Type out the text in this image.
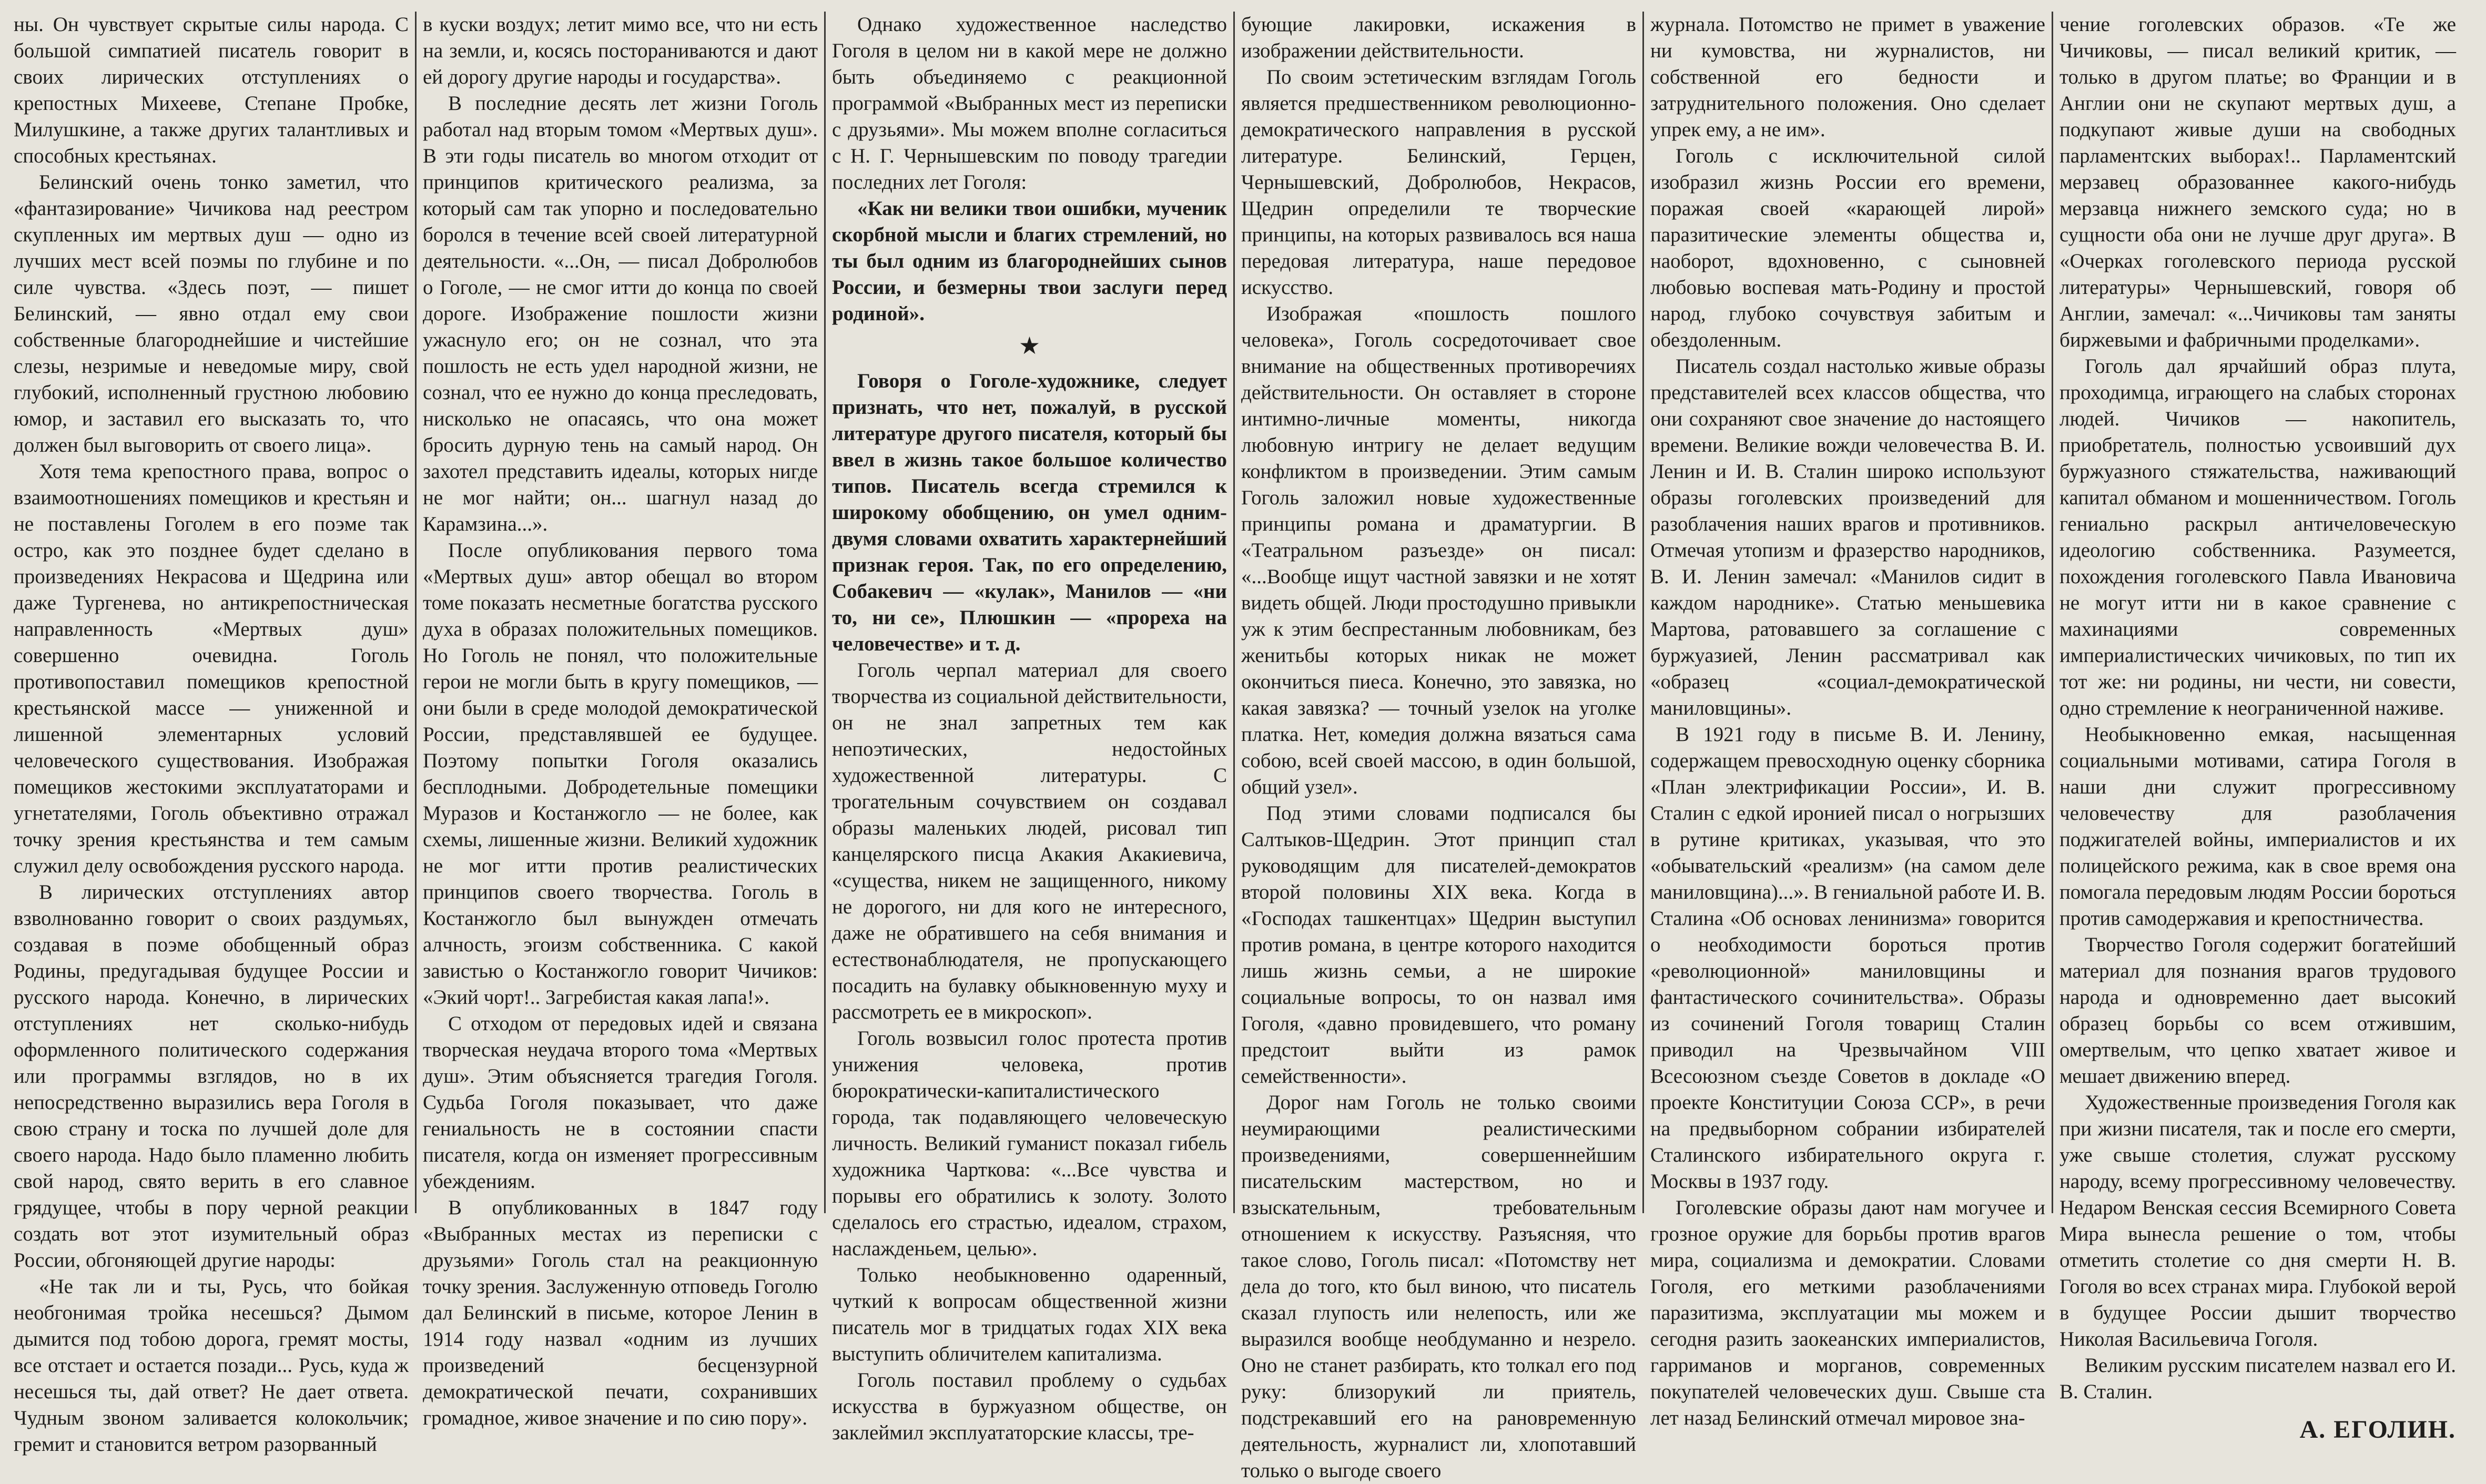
ны. Он чувствует скрытые силы народа. С большой симпатией писатель говорит в своих лирических отступлениях о крепостных Михееве, Степане Пробке, Милушкине, а также других талантливых и способных крестьянах.

Белинский очень тонко заметил, что «фантазирование» Чичикова над реестром скупленных им мертвых душ — одно из лучших мест всей поэмы по глубине и по силе чувства. «Здесь поэт, — пишет Белинский, — явно отдал ему свои собственные благороднейшие и чистейшие слезы, незримые и неведомые миру, свой глубокий, исполненный грустною любовию юмор, и заставил его высказать то, что должен был выговорить от своего лица».

Хотя тема крепостного права, вопрос о взаимоотношениях помещиков и крестьян и не поставлены Гоголем в его поэме так остро, как это позднее будет сделано в произведениях Некрасова и Щедрина или даже Тургенева, но антикрепостническая направленность «Мертвых душ» совершенно очевидна. Гоголь противопоставил помещиков крепостной крестьянской массе — униженной и лишенной элементарных условий человеческого существования. Изображая помещиков жестокими эксплуататорами и угнетателями, Гоголь объективно отражал точку зрения крестьянства и тем самым служил делу освобождения русского народа.

В лирических отступлениях автор взволнованно говорит о своих раздумьях, создавая в поэме обобщенный образ Родины, предугадывая будущее России и русского народа. Конечно, в лирических отступлениях нет сколько-нибудь оформленного политического содержания или программы взглядов, но в их непосредственно выразились вера Гоголя в свою страну и тоска по лучшей доле для своего народа. Надо было пламенно любить свой народ, свято верить в его славное грядущее, чтобы в пору черной реакции создать вот этот изумительный образ России, обгоняющей другие народы:

«Не так ли и ты, Русь, что бойкая необгонимая тройка несешься? Дымом дымится под тобою дорога, гремят мосты, все отстает и остается позади... Русь, куда ж несешься ты, дай ответ? Не дает ответа. Чудным звоном заливается колокольчик; гремит и становится ветром разорванный

в куски воздух; летит мимо все, что ни есть на земли, и, косясь постораниваются и дают ей дорогу другие народы и государства».

В последние десять лет жизни Гоголь работал над вторым томом «Мертвых душ». В эти годы писатель во многом отходит от принципов критического реализма, за который сам так упорно и последовательно боролся в течение всей своей литературной деятельности. «...Он, — писал Добролюбов о Гоголе, — не смог итти до конца по своей дороге. Изображение пошлости жизни ужаснуло его; он не сознал, что эта пошлость не есть удел народной жизни, не сознал, что ее нужно до конца преследовать, нисколько не опасаясь, что она может бросить дурную тень на самый народ. Он захотел представить идеалы, которых нигде не мог найти; он... шагнул назад до Карамзина...».

После опубликования первого тома «Мертвых душ» автор обещал во втором томе показать несметные богатства русского духа в образах положительных помещиков. Но Гоголь не понял, что положительные герои не могли быть в кругу помещиков, — они были в среде молодой демократической России, представлявшей ее будущее. Поэтому попытки Гоголя оказались бесплодными. Добродетельные помещики Муразов и Костанжогло — не более, как схемы, лишенные жизни. Великий художник не мог итти против реалистических принципов своего творчества. Гоголь в Костанжогло был вынужден отмечать алчность, эгоизм собственника. С какой завистью о Костанжогло говорит Чичиков: «Экий чорт!.. Загребистая какая лапа!».

С отходом от передовых идей и связана творческая неудача второго тома «Мертвых душ». Этим объясняется трагедия Гоголя. Судьба Гоголя показывает, что даже гениальность не в состоянии спасти писателя, когда он изменяет прогрессивным убеждениям.

В опубликованных в 1847 году «Выбранных местах из переписки с друзьями» Гоголь стал на реакционную точку зрения. Заслуженную отповедь Гоголю дал Белинский в письме, которое Ленин в 1914 году назвал «одним из лучших произведений бесцензурной демократической печати, сохранивших громадное, живое значение и по сию пору».

Однако художественное наследство Гоголя в целом ни в какой мере не должно быть объединяемо с реакционной программой «Выбранных мест из переписки с друзьями». Мы можем вполне согласиться с Н. Г. Чернышевским по поводу трагедии последних лет Гоголя:

«Как ни велики твои ошибки, мученик скорбной мысли и благих стремлений, но ты был одним из благороднейших сынов России, и безмерны твои заслуги перед родиной».

★

Говоря о Гоголе-художнике, следует признать, что нет, пожалуй, в русской литературе другого писателя, который бы ввел в жизнь такое большое количество типов. Писатель всегда стремился к широкому обобщению, он умел одним-двумя словами охватить характернейший признак героя. Так, по его определению, Собакевич — «кулак», Манилов — «ни то, ни се», Плюшкин — «прореха на человечестве» и т. д.

Гоголь черпал материал для своего творчества из социальной действительности, он не знал запретных тем как непоэтических, недостойных художественной литературы. С трогательным сочувствием он создавал образы маленьких людей, рисовал тип канцелярского писца Акакия Акакиевича, «существа, никем не защищенного, никому не дорогого, ни для кого не интересного, даже не обратившего на себя внимания и естествонаблюдателя, не пропускающего посадить на булавку обыкновенную муху и рассмотреть ее в микроскоп».

Гоголь возвысил голос протеста против унижения человека, против бюрократически-капиталистического города, так подавляющего человеческую личность. Великий гуманист показал гибель художника Чарткова: «...Все чувства и порывы его обратились к золоту. Золото сделалось его страстью, идеалом, страхом, наслажденьем, целью».

Только необыкновенно одаренный, чуткий к вопросам общественной жизни писатель мог в тридцатых годах XIX века выступить обличителем капитализма.

Гоголь поставил проблему о судьбах искусства в буржуазном обществе, он заклеймил эксплуататорские классы, тре-

бующие лакировки, искажения в изображении действительности.

По своим эстетическим взглядам Гоголь является предшественником революционно-демократического направления в русской литературе. Белинский, Герцен, Чернышевский, Добролюбов, Некрасов, Щедрин определили те творческие принципы, на которых развивалось вся наша передовая литература, наше передовое искусство.

Изображая «пошлость пошлого человека», Гоголь сосредоточивает свое внимание на общественных противоречиях действительности. Он оставляет в стороне интимно-личные моменты, никогда любовную интригу не делает ведущим конфликтом в произведении. Этим самым Гоголь заложил новые художественные принципы романа и драматургии. В «Театральном разъезде» он писал: «...Вообще ищут частной завязки и не хотят видеть общей. Люди простодушно привыкли уж к этим беспрестанным любовникам, без женитьбы которых никак не может окончиться пиеса. Конечно, это завязка, но какая завязка? — точный узелок на уголке платка. Нет, комедия должна вязаться сама собою, всей своей массою, в один большой, общий узел».

Под этими словами подписался бы Салтыков-Щедрин. Этот принцип стал руководящим для писателей-демократов второй половины XIX века. Когда в «Господах ташкентцах» Щедрин выступил против романа, в центре которого находится лишь жизнь семьи, а не широкие социальные вопросы, то он назвал имя Гоголя, «давно провидевшего, что роману предстоит выйти из рамок семейственности».

Дорог нам Гоголь не только своими неумирающими реалистическими произведениями, совершеннейшим писательским мастерством, но и взыскательным, требовательным отношением к искусству. Разъясняя, что такое слово, Гоголь писал: «Потомству нет дела до того, кто был виною, что писатель сказал глупость или нелепость, или же выразился вообще необдуманно и незрело. Оно не станет разбирать, кто толкал его под руку: близорукий ли приятель, подстрекавший его на рановременную деятельность, журналист ли, хлопотавший только о выгоде своего

журнала. Потомство не примет в уважение ни кумовства, ни журналистов, ни собственной его бедности и затруднительного положения. Оно сделает упрек ему, а не им».

Гоголь с исключительной силой изобразил жизнь России его времени, поражая своей «карающей лирой» паразитические элементы общества и, наоборот, вдохновенно, с сыновней любовью воспевая мать-Родину и простой народ, глубоко сочувствуя забитым и обездоленным.

Писатель создал настолько живые образы представителей всех классов общества, что они сохраняют свое значение до настоящего времени. Великие вожди человечества В. И. Ленин и И. В. Сталин широко используют образы гоголевских произведений для разоблачения наших врагов и противников. Отмечая утопизм и фразерство народников, В. И. Ленин замечал: «Манилов сидит в каждом народнике». Статью меньшевика Мартова, ратовавшего за соглашение с буржуазией, Ленин рассматривал как «образец «социал-демократической маниловщины».

В 1921 году в письме В. И. Ленину, содержащем превосходную оценку сборника «План электрификации России», И. В. Сталин с едкой иронией писал о ногрызших в рутине критиках, указывая, что это «обывательский «реализм» (на самом деле маниловщина)...». В гениальной работе И. В. Сталина «Об основах ленинизма» говорится о необходимости бороться против «революционной» маниловщины и фантастического сочинительства». Образы из сочинений Гоголя товарищ Сталин приводил на Чрезвычайном VIII Всесоюзном съезде Советов в докладе «О проекте Конституции Союза ССР», в речи на предвыборном собрании избирателей Сталинского избирательного округа г. Москвы в 1937 году.

Гоголевские образы дают нам могучее и грозное оружие для борьбы против врагов мира, социализма и демократии. Словами Гоголя, его меткими разоблачениями паразитизма, эксплуатации мы можем и сегодня разить заокеанских империалистов, гарриманов и морганов, современных покупателей человеческих душ. Свыше ста лет назад Белинский отмечал мировое зна-

чение гоголевских образов. «Те же Чичиковы, — писал великий критик, — только в другом платье; во Франции и в Англии они не скупают мертвых душ, а подкупают живые души на свободных парламентских выборах!.. Парламентский мерзавец образованнее какого-нибудь мерзавца нижнего земского суда; но в сущности оба они не лучше друг друга». В «Очерках гоголевского периода русской литературы» Чернышевский, говоря об Англии, замечал: «...Чичиковы там заняты биржевыми и фабричными проделками».

Гоголь дал ярчайший образ плута, проходимца, играющего на слабых сторонах людей. Чичиков — накопитель, приобретатель, полностью усвоивший дух буржуазного стяжательства, наживающий капитал обманом и мошенничеством. Гоголь гениально раскрыл античеловеческую идеологию собственника. Разумеется, похождения гоголевского Павла Ивановича не могут итти ни в какое сравнение с махинациями современных империалистических чичиковых, по тип их тот же: ни родины, ни чести, ни совести, одно стремление к неограниченной наживе.

Необыкновенно емкая, насыщенная социальными мотивами, сатира Гоголя в наши дни служит прогрессивному человечеству для разоблачения поджигателей войны, империалистов и их полицейского режима, как в свое время она помогала передовым людям России бороться против самодержавия и крепостничества.

Творчество Гоголя содержит богатейший материал для познания врагов трудового народа и одновременно дает высокий образец борьбы со всем отжившим, омертвелым, что цепко хватает живое и мешает движению вперед.

Художественные произведения Гоголя как при жизни писателя, так и после его смерти, уже свыше столетия, служат русскому народу, всему прогрессивному человечеству. Недаром Венская сессия Всемирного Совета Мира вынесла решение о том, чтобы отметить столетие со дня смерти Н. В. Гоголя во всех странах мира. Глубокой верой в будущее России дышит творчество Николая Васильевича Гоголя.

Великим русским писателем назвал его И. В. Сталин.

А. ЕГОЛИН.
